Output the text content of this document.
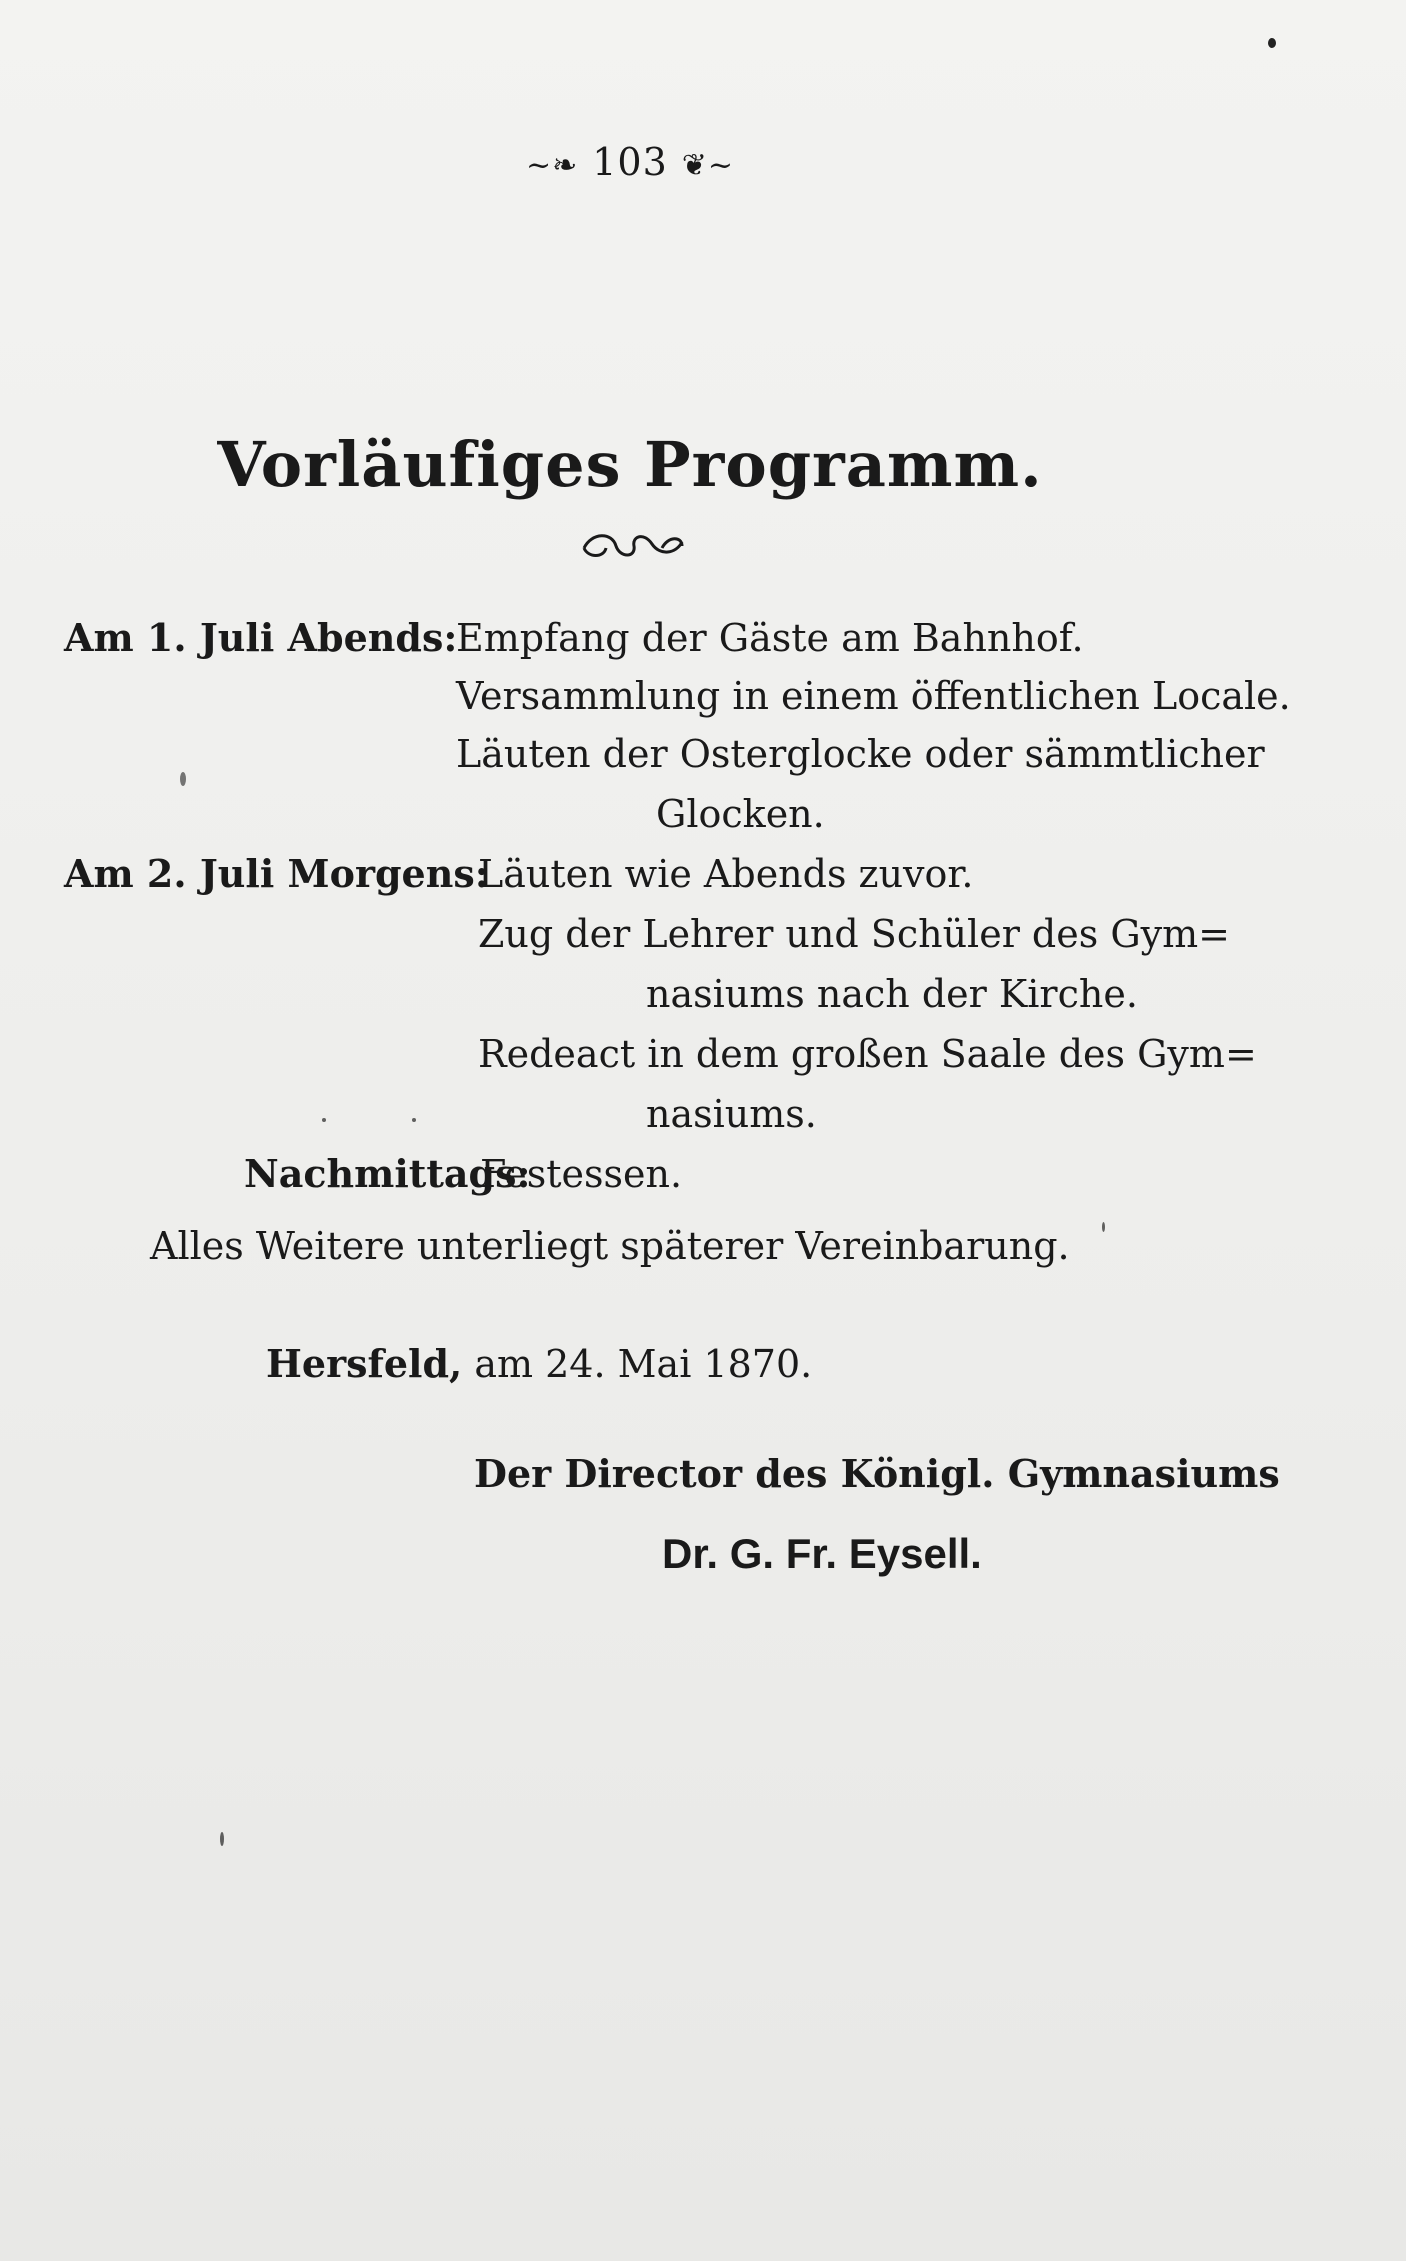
~❧ 103 ❦~
Vorläufiges Programm.
Am 1. Juli Abends:
Empfang der Gäste am Bahnhof.
Versammlung in einem öffentlichen Locale.
Läuten der Osterglocke oder sämmtlicher
Glocken.
Am 2. Juli Morgens:
Läuten wie Abends zuvor.
Zug der Lehrer und Schüler des Gym=
nasiums nach der Kirche.
Redeact in dem großen Saale des Gym=
nasiums.
Nachmittags:
Festessen.
Alles Weitere unterliegt späterer Vereinbarung.
Hersfeld, am 24. Mai 1870.
Der Director des Königl. Gymnasiums
Dr. G. Fr. Eysell.
